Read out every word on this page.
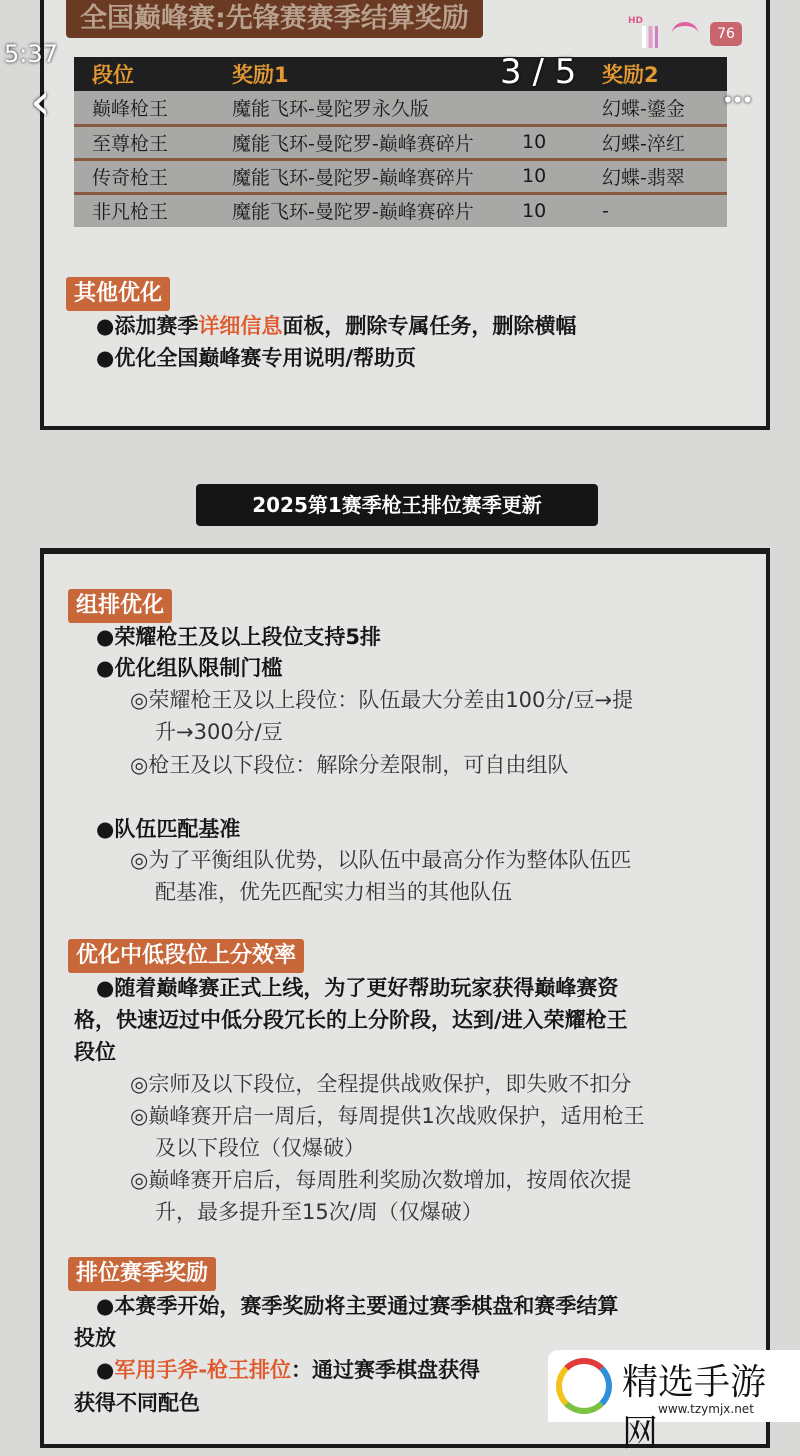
全国巅峰赛:先锋赛赛季结算奖励
段位	奖励1		奖励2
巅峰枪王	魔能飞环-曼陀罗永久版		幻蝶-鎏金
至尊枪王	魔能飞环-曼陀罗-巅峰赛碎片	10	幻蝶-淬红
传奇枪王	魔能飞环-曼陀罗-巅峰赛碎片	10	幻蝶-翡翠
非凡枪王	魔能飞环-曼陀罗-巅峰赛碎片	10	-
其他优化
●添加赛季详细信息面板，删除专属任务，删除横幅
●优化全国巅峰赛专用说明/帮助页
2025第1赛季枪王排位赛季更新
组排优化
●荣耀枪王及以上段位支持5排
●优化组队限制门槛
◎荣耀枪王及以上段位：队伍最大分差由100分/豆→提
升→300分/豆
◎枪王及以下段位：解除分差限制，可自由组队
●队伍匹配基准
◎为了平衡组队优势，以队伍中最高分作为整体队伍匹
配基准，优先匹配实力相当的其他队伍
优化中低段位上分效率
●随着巅峰赛正式上线，为了更好帮助玩家获得巅峰赛资
格，快速迈过中低分段冗长的上分阶段，达到/进入荣耀枪王
段位
◎宗师及以下段位，全程提供战败保护，即失败不扣分
◎巅峰赛开启一周后，每周提供1次战败保护，适用枪王
及以下段位（仅爆破）
◎巅峰赛开启后，每周胜利奖励次数增加，按周依次提
升，最多提升至15次/周（仅爆破）
排位赛季奖励
●本赛季开始，赛季奖励将主要通过赛季棋盘和赛季结算
投放
●军用手斧-枪王排位：通过赛季棋盘获得
获得不同配色
5:37
HD
76
‹	3 / 5
•••
精选手游网
www.tzymjx.net
